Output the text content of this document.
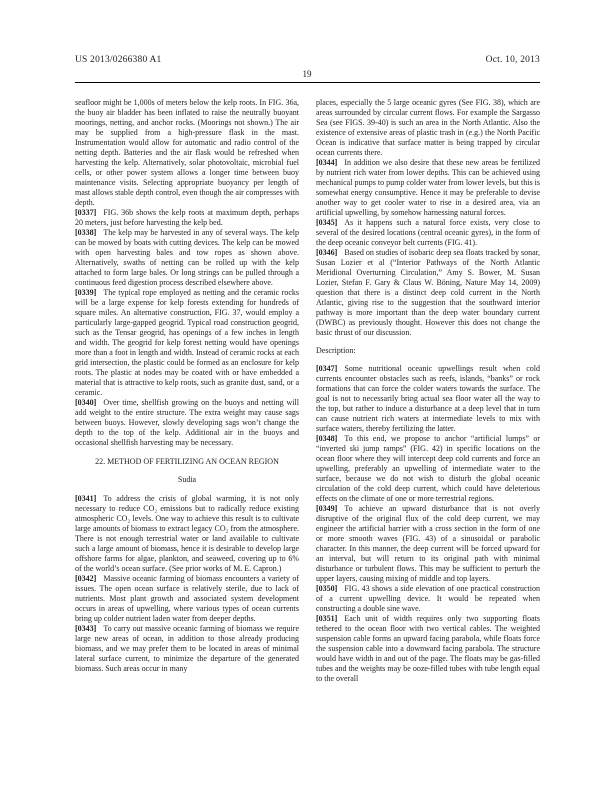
US 2013/0266380 A1	Oct. 10, 2013
19

seafloor might be 1,000s of meters below the kelp roots. In FIG. 36a, the buoy air bladder has been inflated to raise the neutrally buoyant moorings, netting, and anchor rocks. (Moorings not shown.) The air may be supplied from a high-pressure flask in the mast. Instrumentation would allow for automatic and radio control of the netting depth. Batteries and the air flask would be refreshed when harvesting the kelp. Alternatively, solar photovoltaic, microbial fuel cells, or other power system allows a longer time between buoy maintenance visits. Selecting appropriate buoyancy per length of mast allows stable depth control, even though the air compresses with depth.

[0337] FIG. 36b shows the kelp roots at maximum depth, perhaps 20 meters, just before harvesting the kelp bed.

[0338] The kelp may be harvested in any of several ways. The kelp can be mowed by boats with cutting devices. The kelp can be mowed with open harvesting bales and tow ropes as shown above. Alternatively, swaths of netting can be rolled up with the kelp attached to form large bales. Or long strings can be pulled through a continuous feed digestion process described elsewhere above.

[0339] The typical rope employed as netting and the ceramic rocks will be a large expense for kelp forests extending for hundreds of square miles. An alternative construction, FIG. 37, would employ a particularly large-gapped geogrid. Typical road construction geogrid, such as the Tensar geogrid, has openings of a few inches in length and width. The geogrid for kelp forest netting would have openings more than a foot in length and width. Instead of ceramic rocks at each grid intersection, the plastic could be formed as an enclosure for kelp roots. The plastic at nodes may be coated with or have embedded a material that is attractive to kelp roots, such as granite dust, sand, or a ceramic.

[0340] Over time, shellfish growing on the buoys and netting will add weight to the entire structure. The extra weight may cause sags between buoys. However, slowly developing sags won’t change the depth to the top of the kelp. Additional air in the buoys and occasional shellfish harvesting may be necessary.

22. METHOD OF FERTILIZING AN OCEAN REGION
Sudia

[0341] To address the crisis of global warming, it is not only necessary to reduce CO₂ emissions but to radically reduce existing atmospheric CO₂ levels. One way to achieve this result is to cultivate large amounts of biomass to extract legacy CO₂ from the atmosphere. There is not enough terrestrial water or land available to cultivate such a large amount of biomass, hence it is desirable to develop large offshore farms for algae, plankton, and seaweed, covering up to 6% of the world’s ocean surface. (See prior works of M. E. Capron.)

[0342] Massive oceanic farming of biomass encounters a variety of issues. The open ocean surface is relatively sterile, due to lack of nutrients. Most plant growth and associated system development occurs in areas of upwelling, where various types of ocean currents bring up colder nutrient laden water from deeper depths.

[0343] To carry out massive oceanic farming of biomass we require large new areas of ocean, in addition to those already producing biomass, and we may prefer them to be located in areas of minimal lateral surface current, to minimize the departure of the generated biomass. Such areas occur in many

places, especially the 5 large oceanic gyres (See FIG. 38), which are areas surrounded by circular current flows. For example the Sargasso Sea (see FIGS. 39-40) is such an area in the North Atlantic. Also the existence of extensive areas of plastic trash in (e.g.) the North Pacific Ocean is indicative that surface matter is being trapped by circular ocean currents there.

[0344] In addition we also desire that these new areas be fertilized by nutrient rich water from lower depths. This can be achieved using mechanical pumps to pump colder water from lower levels, but this is somewhat energy consumptive. Hence it may be preferable to devise another way to get cooler water to rise in a desired area, via an artificial upwelling, by somehow harnessing natural forces.

[0345] As it happens such a natural force exists, very close to several of the desired locations (central oceanic gyres), in the form of the deep oceanic conveyor belt currents (FIG. 41).

[0346] Based on studies of isobaric deep sea floats tracked by sonar, Susan Lozier et al (“Interior Pathways of the North Atlantic Meridional Overturning Circulation,” Amy S. Bower, M. Susan Lozier, Stefan F. Gary & Claus W. Böning, Nature May 14, 2009) question that there is a distinct deep cold current in the North Atlantic, giving rise to the suggestion that the southward interior pathway is more important than the deep water boundary current (DWBC) as previously thought. However this does not change the basic thrust of our discussion.

Description:

[0347] Some nutritional oceanic upwellings result when cold currents encounter obstacles such as reefs, islands, “banks” or rock formations that can force the colder waters towards the surface. The goal is not to necessarily bring actual sea floor water all the way to the top, but rather to induce a disturbance at a deep level that in turn can cause nutrient rich waters at intermediate levels to mix with surface waters, thereby fertilizing the latter.

[0348] To this end, we propose to anchor “artificial lumps” or “inverted ski jump ramps” (FIG. 42) in specific locations on the ocean floor where they will intercept deep cold currents and force an upwelling, preferably an upwelling of intermediate water to the surface, because we do not wish to disturb the global oceanic circulation of the cold deep current, which could have deleterious effects on the climate of one or more terrestrial regions.

[0349] To achieve an upward disturbance that is not overly disruptive of the original flux of the cold deep current, we may engineer the artificial barrier with a cross section in the form of one or more smooth waves (FIG. 43) of a sinusoidal or parabolic character. In this manner, the deep current will be forced upward for an interval, but will return to its original path with minimal disturbance or turbulent flows. This may be sufficient to perturb the upper layers, causing mixing of middle and top layers.

[0350] FIG. 43 shows a side elevation of one practical construction of a current upwelling device. It would be repeated when constructing a double sine wave.

[0351] Each unit of width requires only two supporting floats tethered to the ocean floor with two vertical cables. The weighted suspension cable forms an upward facing parabola, while floats force the suspension cable into a downward facing parabola. The structure would have width in and out of the page. The floats may be gas-filled tubes and the weights may be ooze-filled tubes with tube length equal to the overall
